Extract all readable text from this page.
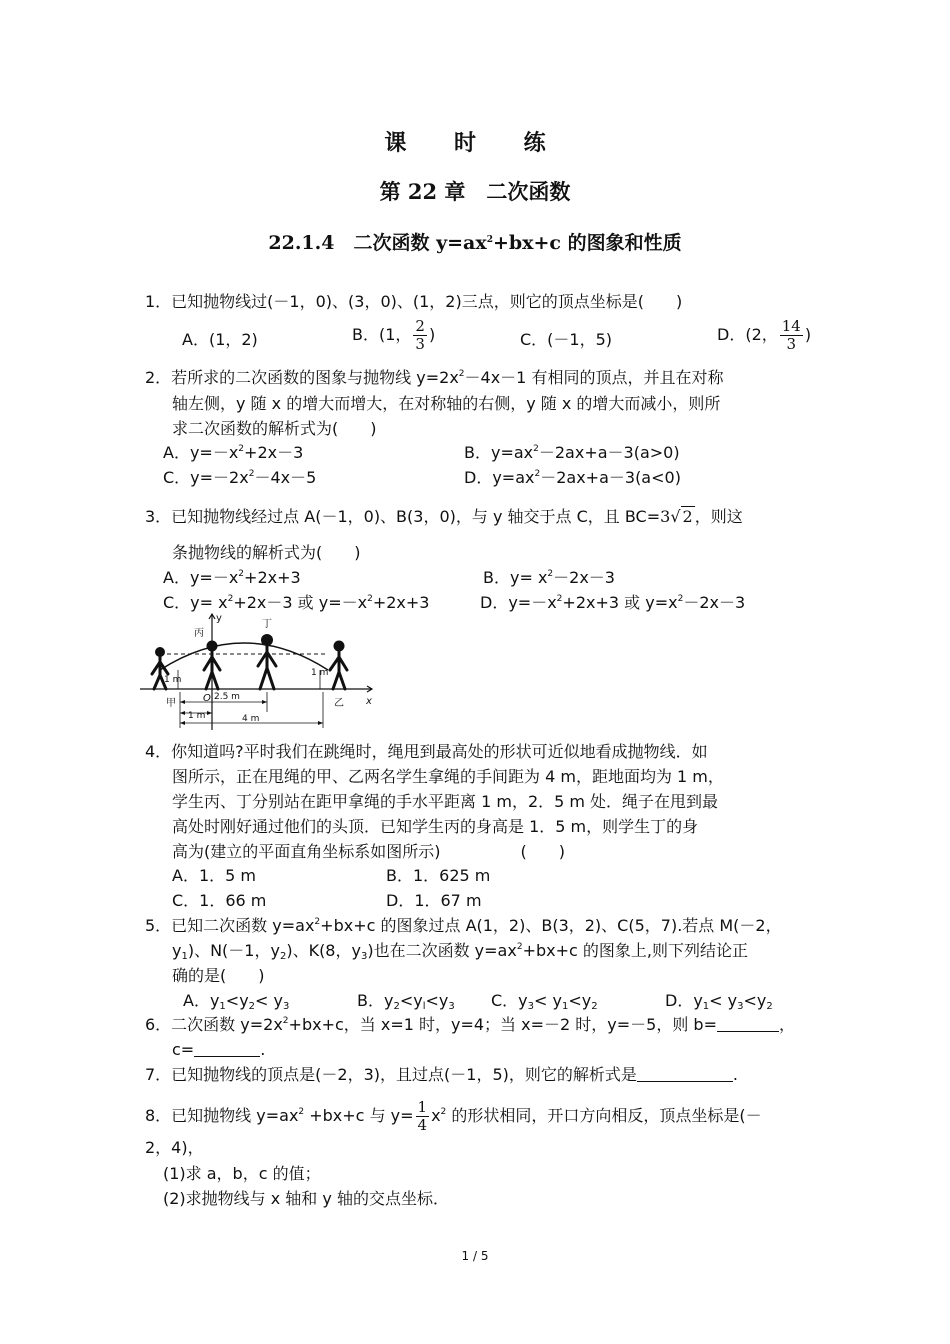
课 时 练
第 22 章　二次函数
22.1.4　二次函数 $y=ax^2+bx+c$ 的图象和性质
1．已知抛物线过(－1，0)、(3，0)、(1，2)三点，则它的顶点坐标是(　　)
A．(1，2)	B．(1， $\frac{2}{3}$ )	C．(－1，5)	D．(2， $\frac{14}{3}$ )
2．若所求的二次函数的图象与抛物线 $y=2x^2-4x-1$ 有相同的顶点，并且在对称
轴左侧，y 随 x 的增大而增大，在对称轴的右侧，y 随 x 的增大而减小，则所
求二次函数的解析式为(　　)
A．$y=-x^2+2x-3$	B．$y=ax^2-2ax+a-3(a>0)$
C．$y=-2x^2-4x-5$	D．$y=ax^2-2ax+a-3(a<0)$
3．已知抛物线经过点 A(－1，0)、B(3，0)，与 y 轴交于点 C，且 BC=3√ 2 ，则这
条抛物线的解析式为(　　)
A．$y=-x^2+2x+3$	B．$y= x^2-2x-3$
C．$y= x^2+2x-3$ 或 $y=-x^2+2x+3$	D．$y=-x^2+2x+3$ 或 $y=x^2-2x-3$
y
x
丙
丁
甲	乙
O
1 m
1 m
1 m
2.5 m
4 m
4．你知道吗?平时我们在跳绳时，绳甩到最高处的形状可近似地看成抛物线．如
图所示，正在甩绳的甲、乙两名学生拿绳的手间距为 4 m，距地面均为 1 m，
学生丙、丁分别站在距甲拿绳的手水平距离 1 m，2．5 m 处．绳子在甩到最
高处时刚好通过他们的头顶．已知学生丙的身高是 1．5 m，则学生丁的身
高为(建立的平面直角坐标系如图所示)　　　　　(　　)
A．1．5 m	B．1．625 m
C．1．66 m	D．1．67 m
5．已知二次函数 $y=ax^2+bx+c$ 的图象过点 A(1，2)、B(3，2)、C(5，7).若点 M(－2，
$y_1$)、N(－1，$y_2$)、K(8，$y_3$)也在二次函数 $y=ax^2+bx+c$ 的图象上,则下列结论正
确的是(　　)
A．$y_1<y_2< y_3$	B．$y_2<y_l<y_3$ C．$y_3< y_1<y_2$	D．$y_1< y_3<y_2$
6．二次函数 $y=2x^2+bx+c$，当 x=1 时，y=4；当 x=－2 时，y=－5，则 b=	，
c=	.
7．已知抛物线的顶点是(－2，3)，且过点(－1，5)，则它的解析式是	.
8．已知抛物线 $y=ax^2 +bx+c$ 与 $y= \frac{1}{4} x^2$ 的形状相同，开口方向相反，顶点坐标是(－
2，4)，
(1)求 a，b，c 的值；
(2)求抛物线与 x 轴和 y 轴的交点坐标．
1 / 5
